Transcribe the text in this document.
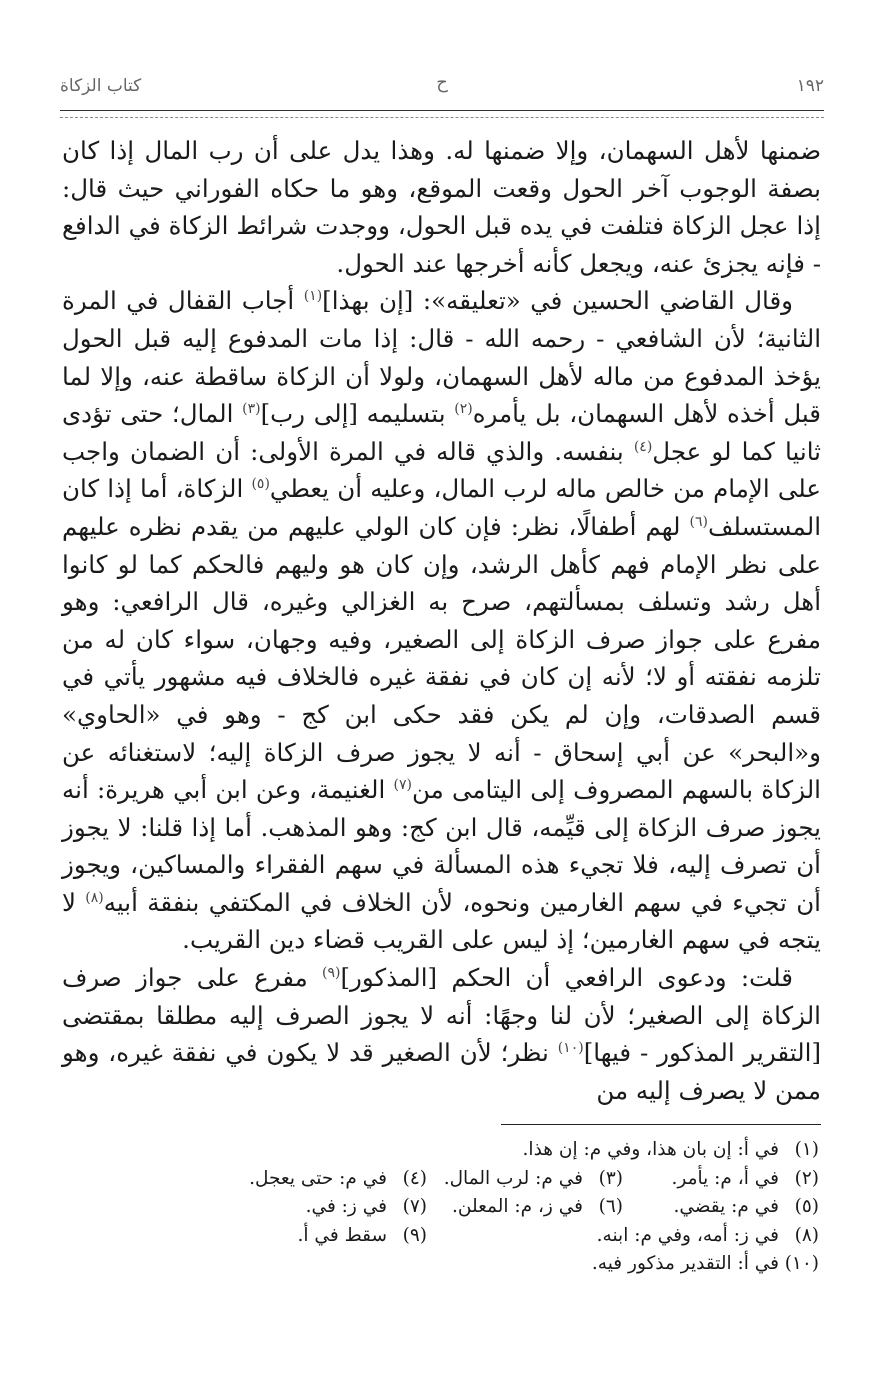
١٩٢
ح
كتاب الزكاة

ضمنها لأهل السهمان، وإلا ضمنها له. وهذا يدل على أن رب المال إذا كان بصفة الوجوب آخر الحول وقعت الموقع، وهو ما حكاه الفوراني حيث قال: إذا عجل الزكاة فتلفت في يده قبل الحول، ووجدت شرائط الزكاة في الدافع - فإنه يجزئ عنه، ويجعل كأنه أخرجها عند الحول.

وقال القاضي الحسين في «تعليقه»: [إن بهذا]$^{(١)}$ أجاب القفال في المرة الثانية؛ لأن الشافعي - رحمه الله - قال: إذا مات المدفوع إليه قبل الحول يؤخذ المدفوع من ماله لأهل السهمان، ولولا أن الزكاة ساقطة عنه، وإلا لما قبل أخذه لأهل السهمان، بل يأمره$^{(٢)}$ بتسليمه [إلى رب]$^{(٣)}$ المال؛ حتى تؤدى ثانيا كما لو عجل$^{(٤)}$ بنفسه. والذي قاله في المرة الأولى: أن الضمان واجب على الإمام من خالص ماله لرب المال، وعليه أن يعطي$^{(٥)}$ الزكاة، أما إذا كان المستسلف$^{(٦)}$ لهم أطفالًا، نظر: فإن كان الولي عليهم من يقدم نظره عليهم على نظر الإمام فهم كأهل الرشد، وإن كان هو وليهم فالحكم كما لو كانوا أهل رشد وتسلف بمسألتهم، صرح به الغزالي وغيره، قال الرافعي: وهو مفرع على جواز صرف الزكاة إلى الصغير، وفيه وجهان، سواء كان له من تلزمه نفقته أو لا؛ لأنه إن كان في نفقة غيره فالخلاف فيه مشهور يأتي في قسم الصدقات، وإن لم يكن فقد حكى ابن كج - وهو في «الحاوي» و«البحر» عن أبي إسحاق - أنه لا يجوز صرف الزكاة إليه؛ لاستغنائه عن الزكاة بالسهم المصروف إلى اليتامى من$^{(٧)}$ الغنيمة، وعن ابن أبي هريرة: أنه يجوز صرف الزكاة إلى قيِّمه، قال ابن كج: وهو المذهب. أما إذا قلنا: لا يجوز أن تصرف إليه، فلا تجيء هذه المسألة في سهم الفقراء والمساكين، ويجوز أن تجيء في سهم الغارمين ونحوه، لأن الخلاف في المكتفي بنفقة أبيه$^{(٨)}$ لا يتجه في سهم الغارمين؛ إذ ليس على القريب قضاء دين القريب.

قلت: ودعوى الرافعي أن الحكم [المذكور]$^{(٩)}$ مفرع على جواز صرف الزكاة إلى الصغير؛ لأن لنا وجهًا: أنه لا يجوز الصرف إليه مطلقا بمقتضى [التقرير المذكور - فيها]$^{(١٠)}$ نظر؛ لأن الصغير قد لا يكون في نفقة غيره، وهو ممن لا يصرف إليه من

(١)في أ: إن بان هذا، وفي م: إن هذا.
(٢)في أ، م: يأمر.
(٣)في م: لرب المال.
(٤)في م: حتى يعجل.
(٥)في م: يقضي.
(٦)في ز، م: المعلن.
(٧)في ز: في.
(٨)في ز: أمه، وفي م: ابنه.
(٩)سقط في أ.
(١٠)في أ: التقدير مذكور فيه.
